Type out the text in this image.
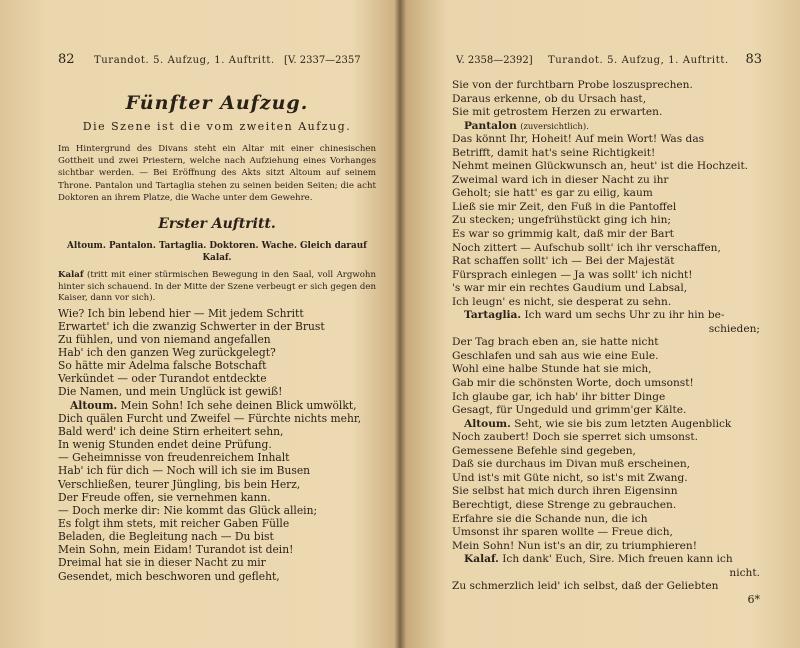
82 Turandot. 5. Aufzug, 1. Auftritt. [V. 2337—2357
Fünfter Aufzug.
Die Szene ist die vom zweiten Aufzug.
Im Hintergrund des Divans steht ein Altar mit einer chinesischen Gottheit und zwei Priestern, welche nach Aufziehung eines Vorhanges sichtbar werden. — Bei Eröffnung des Akts sitzt Altoum auf seinem Throne. Pantalon und Tartaglia stehen zu seinen beiden Seiten; die acht Doktoren an ihrem Platze, die Wache unter dem Gewehre.
Erster Auftritt.
Altoum. Pantalon. Tartaglia. Doktoren. Wache. Gleich darauf Kalaf.
Kalaf (tritt mit einer stürmischen Bewegung in den Saal, voll Argwohn hinter sich schauend. In der Mitte der Szene verbeugt er sich gegen den Kaiser, dann vor sich).
Wie? Ich bin lebend hier — Mit jedem Schritt
Erwartet' ich die zwanzig Schwerter in der Brust
Zu fühlen, und von niemand angefallen
Hab' ich den ganzen Weg zurückgelegt?
So hätte mir Adelma falsche Botschaft
Verkündet — oder Turandot entdeckte
Die Namen, und mein Unglück ist gewiß!
Altoum. Mein Sohn! Ich sehe deinen Blick umwölkt,
Dich quälen Furcht und Zweifel — Fürchte nichts mehr,
Bald werd' ich deine Stirn erheitert sehn,
In wenig Stunden endet deine Prüfung.
— Geheimnisse von freudenreichem Inhalt
Hab' ich für dich — Noch will ich sie im Busen
Verschließen, teurer Jüngling, bis bein Herz,
Der Freude offen, sie vernehmen kann.
— Doch merke dir: Nie kommt das Glück allein;
Es folgt ihm stets, mit reicher Gaben Fülle
Beladen, die Begleitung nach — Du bist
Mein Sohn, mein Eidam! Turandot ist dein!
Dreimal hat sie in dieser Nacht zu mir
Gesendet, mich beschworen und gefleht,
V. 2358—2392] Turandot. 5. Aufzug, 1. Auftritt. 83
Sie von der furchtbarn Probe loszusprechen.
Daraus erkenne, ob du Ursach hast,
Sie mit getrostem Herzen zu erwarten.
Pantalon (zuversichtlich).
Das könnt Ihr, Hoheit! Auf mein Wort! Was das
Betrifft, damit hat's seine Richtigkeit!
Nehmt meinen Glückwunsch an, heut' ist die Hochzeit.
Zweimal ward ich in dieser Nacht zu ihr
Geholt; sie hatt' es gar zu eilig, kaum
Ließ sie mir Zeit, den Fuß in die Pantoffel
Zu stecken; ungefrühstückt ging ich hin;
Es war so grimmig kalt, daß mir der Bart
Noch zittert — Aufschub sollt' ich ihr verschaffen,
Rat schaffen sollt' ich — Bei der Majestät
Fürsprach einlegen — Ja was sollt' ich nicht!
's war mir ein rechtes Gaudium und Labsal,
Ich leugn' es nicht, sie desperat zu sehn.
Tartaglia. Ich ward um sechs Uhr zu ihr hin be-
schieden;
Der Tag brach eben an, sie hatte nicht
Geschlafen und sah aus wie eine Eule.
Wohl eine halbe Stunde hat sie mich,
Gab mir die schönsten Worte, doch umsonst!
Ich glaube gar, ich hab' ihr bitter Dinge
Gesagt, für Ungeduld und grimm'ger Kälte.
Altoum. Seht, wie sie bis zum letzten Augenblick
Noch zaubert! Doch sie sperret sich umsonst.
Gemessene Befehle sind gegeben,
Daß sie durchaus im Divan muß erscheinen,
Und ist's mit Güte nicht, so ist's mit Zwang.
Sie selbst hat mich durch ihren Eigensinn
Berechtigt, diese Strenge zu gebrauchen.
Erfahre sie die Schande nun, die ich
Umsonst ihr sparen wollte — Freue dich,
Mein Sohn! Nun ist's an dir, zu triumphieren!
Kalaf. Ich dank' Euch, Sire. Mich freuen kann ich
nicht.
Zu schmerzlich leid' ich selbst, daß der Geliebten
6*
